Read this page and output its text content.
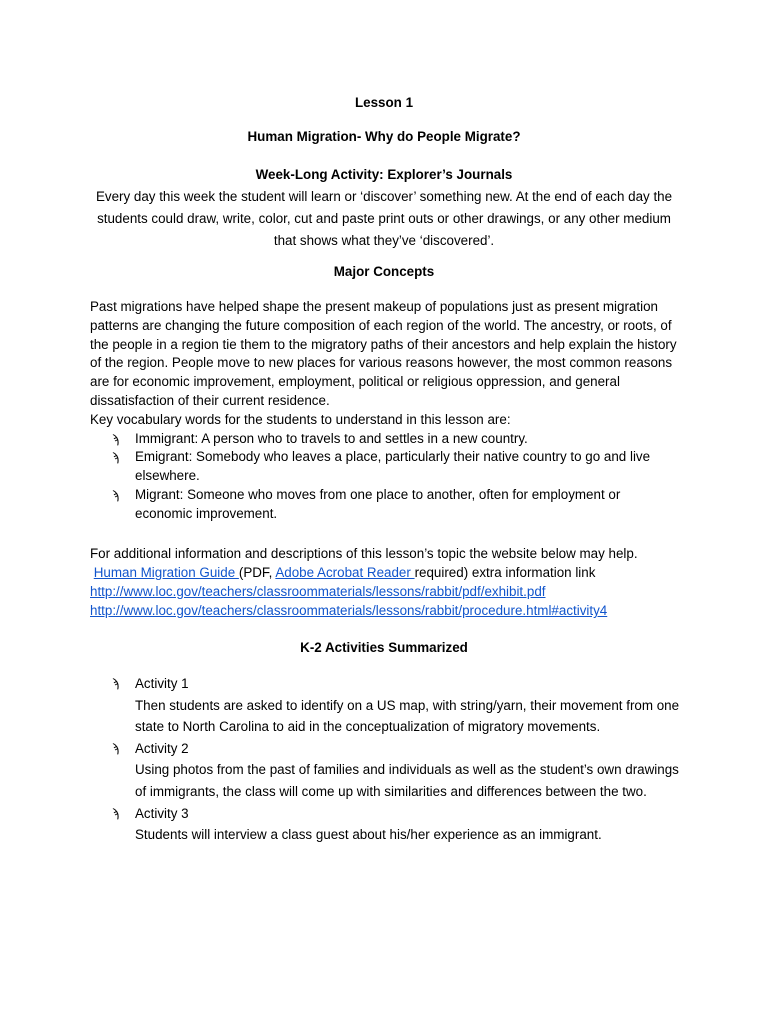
Lesson 1
Human Migration- Why do People Migrate?
Week-Long Activity: Explorer’s Journals
Every day this week the student will learn or ‘discover’ something new. At the end of each day the students could draw, write, color, cut and paste print outs or other drawings, or any other medium that shows what they’ve ‘discovered’.
Major Concepts
Past migrations have helped shape the present makeup of populations just as present migration patterns are changing the future composition of each region of the world. The ancestry, or roots, of the people in a region tie them to the migratory paths of their ancestors and help explain the history of the region. People move to new places for various reasons however, the most common reasons are for economic improvement, employment, political or religious oppression, and general dissatisfaction of their current residence.
Key vocabulary words for the students to understand in this lesson are:
ϡ Immigrant: A person who to travels to and settles in a new country.
ϡ Emigrant: Somebody who leaves a place, particularly their native country to go and live elsewhere.
ϡ Migrant: Someone who moves from one place to another, often for employment or economic improvement.
For additional information and descriptions of this lesson’s topic the website below may help.
Human Migration Guide (PDF, Adobe Acrobat Reader required) extra information link
http://www.loc.gov/teachers/classroommaterials/lessons/rabbit/pdf/exhibit.pdf
http://www.loc.gov/teachers/classroommaterials/lessons/rabbit/procedure.html#activity4
K-2 Activities Summarized
ϡ Activity 1
Then students are asked to identify on a US map, with string/yarn, their movement from one state to North Carolina to aid in the conceptualization of migratory movements.
ϡ Activity 2
Using photos from the past of families and individuals as well as the student’s own drawings of immigrants, the class will come up with similarities and differences between the two.
ϡ Activity 3
Students will interview a class guest about his/her experience as an immigrant.
